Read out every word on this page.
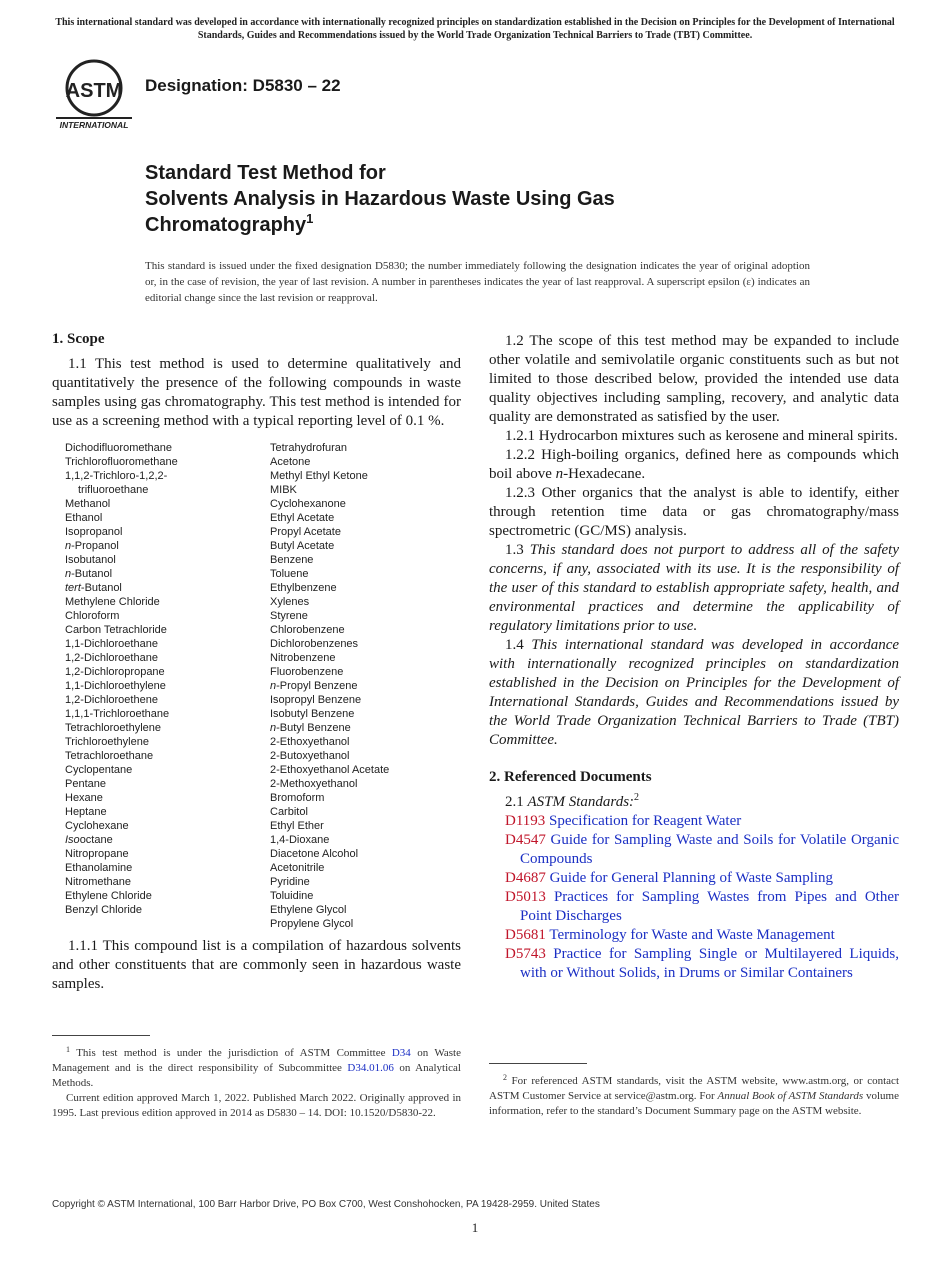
This international standard was developed in accordance with internationally recognized principles on standardization established in the Decision on Principles for the Development of International Standards, Guides and Recommendations issued by the World Trade Organization Technical Barriers to Trade (TBT) Committee.
ASTM
INTERNATIONAL
Designation: D5830 – 22
Standard Test Method for
Solvents Analysis in Hazardous Waste Using Gas Chromatography$^1$
This standard is issued under the fixed designation D5830; the number immediately following the designation indicates the year of original adoption or, in the case of revision, the year of last revision. A number in parentheses indicates the year of last reapproval. A superscript epsilon (ε) indicates an editorial change since the last revision or reapproval.
1. Scope

1.1 This test method is used to determine qualitatively and quantitatively the presence of the following compounds in waste samples using gas chromatography. This test method is intended for use as a screening method with a typical reporting level of 0.1 %.

Dichodifluoromethane
Trichlorofluoromethane
1,1,2-Trichloro-1,2,2-
trifluoroethane
Methanol
Ethanol
Isopropanol
n-Propanol
Isobutanol
n-Butanol
tert-Butanol
Methylene Chloride
Chloroform
Carbon Tetrachloride
1,1-Dichloroethane
1,2-Dichloroethane
1,2-Dichloropropane
1,1-Dichloroethylene
1,2-Dichloroethene
1,1,1-Trichloroethane
Tetrachloroethylene
Trichloroethylene
Tetrachloroethane
Cyclopentane
Pentane
Hexane
Heptane
Cyclohexane
Isooctane
Nitropropane
Ethanolamine
Nitromethane
Ethylene Chloride
Benzyl Chloride
Tetrahydrofuran
Acetone
Methyl Ethyl Ketone
MIBK
Cyclohexanone
Ethyl Acetate
Propyl Acetate
Butyl Acetate
Benzene
Toluene
Ethylbenzene
Xylenes
Styrene
Chlorobenzene
Dichlorobenzenes
Nitrobenzene
Fluorobenzene
n-Propyl Benzene
Isopropyl Benzene
Isobutyl Benzene
n-Butyl Benzene
2-Ethoxyethanol
2-Butoxyethanol
2-Ethoxyethanol Acetate
2-Methoxyethanol
Bromoform
Carbitol
Ethyl Ether
1,4-Dioxane
Diacetone Alcohol
Acetonitrile
Pyridine
Toluidine
Ethylene Glycol
Propylene Glycol

1.1.1 This compound list is a compilation of hazardous solvents and other constituents that are commonly seen in hazardous waste samples.

1.2 The scope of this test method may be expanded to include other volatile and semivolatile organic constituents such as but not limited to those described below, provided the intended use data quality objectives including sampling, recovery, and analytic data quality are demonstrated as satisfied by the user.

1.2.1 Hydrocarbon mixtures such as kerosene and mineral spirits.

1.2.2 High-boiling organics, defined here as compounds which boil above n-Hexadecane.

1.2.3 Other organics that the analyst is able to identify, either through retention time data or gas chromatography/mass spectrometric (GC/MS) analysis.

1.3 This standard does not purport to address all of the safety concerns, if any, associated with its use. It is the responsibility of the user of this standard to establish appropriate safety, health, and environmental practices and determine the applicability of regulatory limitations prior to use.

1.4 This international standard was developed in accordance with internationally recognized principles on standardization established in the Decision on Principles for the Development of International Standards, Guides and Recommendations issued by the World Trade Organization Technical Barriers to Trade (TBT) Committee.

2. Referenced Documents

2.1 ASTM Standards:$^2$

D1193 Specification for Reagent Water
D4547 Guide for Sampling Waste and Soils for Volatile Organic Compounds
D4687 Guide for General Planning of Waste Sampling
D5013 Practices for Sampling Wastes from Pipes and Other Point Discharges
D5681 Terminology for Waste and Waste Management
D5743 Practice for Sampling Single or Multilayered Liquids, with or Without Solids, in Drums or Similar Containers

$^1$ This test method is under the jurisdiction of ASTM Committee D34 on Waste Management and is the direct responsibility of Subcommittee D34.01.06 on Analytical Methods.

Current edition approved March 1, 2022. Published March 2022. Originally approved in 1995. Last previous edition approved in 2014 as D5830 – 14. DOI: 10.1520/D5830-22.

$^2$ For referenced ASTM standards, visit the ASTM website, www.astm.org, or contact ASTM Customer Service at service@astm.org. For Annual Book of ASTM Standards volume information, refer to the standard’s Document Summary page on the ASTM website.

Copyright © ASTM International, 100 Barr Harbor Drive, PO Box C700, West Conshohocken, PA 19428-2959. United States
1
